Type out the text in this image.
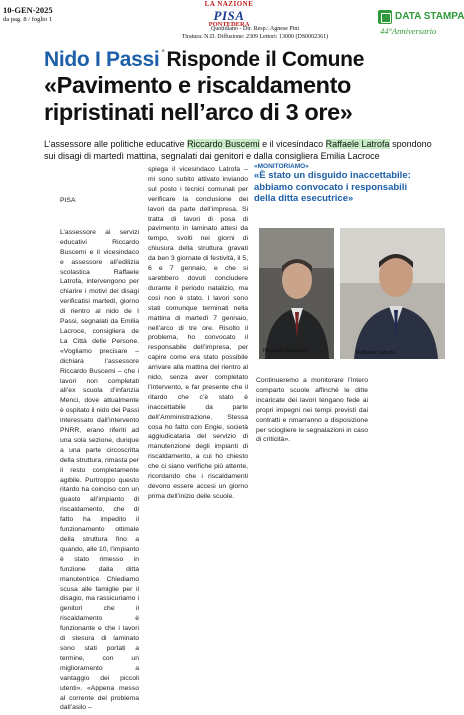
10-GEN-2025
da pag. 8 / foglio 1
LA NAZIONE
PISA
PONTEDERA
Quotidiano - Dir. Resp.: Agnese Pini
Tiratura: N.D. Diffusione: 2309 Lettori: 13000 (DS0002361)
DATA STAMPA
44°Anniversario
Nido I Passi ■Risponde il Comune
«Pavimento e riscaldamento ripristinati nell’arco di 3 ore»
L’assessore alle politiche educative Riccardo Buscemi e il vicesindaco Raffaele Latrofa spondono sui disagi di martedì mattina, segnalati dai genitori e dalla consigliera Emilia Lacroce
PISA
L’assessore ai servizi educativi Riccardo Buscemi e il vicesindaco e assessore all’edilizia scolastica Raffaele Latrofa, intervengono per chiarire i motivi dei disagi verificatisi martedì, giorno di rientro al nido de I Passi, segnalati da Emilia Lacroce, consigliera de La Città delle Persone. «Vogliamo precisare – dichiara l’assessore Riccardo Buscemi – che i lavori non completati all’ex scuola d’infanzia Menci, dove attualmente è ospitato il nido dei Passi interessato dall’intervento PNRR, erano riferiti ad una sola sezione, dunque a una parte circoscritta della struttura, rimasta per il resto completamente agibile. Purtroppo questo ritardo ha coinciso con un guasto all’impianto di riscaldamento, che di fatto ha impedito il funzionamento ottimale della struttura fino a quando, alle 10, l’impianto è stato rimesso in funzione dalla ditta manutentrice. Chiediamo scusa alle famiglie per il disagio, ma rassicuriamo i genitori che il riscaldamento è funzionante e che i lavori di stesura di laminato sono stati portati a termine, con un miglioramento a vantaggio dei piccoli utenti». «Appena messo al corrente del problema dall’asilo –
spiega il vicesindaco Latrofa – mi sono subito attivato inviando sul posto i tecnici comunali per verificare la conclusione dei lavori da parte dell’impresa. Si tratta di lavori di posa di pavimento in laminato attesi da tempo, svolti nei giorni di chiusura della struttura gravati da ben 3 giornate di festività, il 5, 6 e 7 gennaio, e che si sarebbero dovuti concludere durante il periodo natalizio, ma così non è stato. I lavori sono stati comunque terminati nella mattina di martedì 7 gennaio, nell’arco di tre ore. Risolto il problema, ho convocato il responsabile dell’impresa, per capire come era stato possibile arrivare alla mattina del rientro al nido, senza aver completato l’intervento, e far presente che il ritardo che c’è stato è inaccettabile da parte dell’Amministrazione. Stessa cosa ho fatto con Engie, società aggiudicataria del servizio di manutenzione degli impianti di riscaldamento, a cui ho chiesto che ci siano verifiche più attente, ricordando che i riscaldamenti devono essere accesi un giorno prima dell’inizio delle scuole.
«MONITORIAMO»
«È stato un disguido inaccettabile: abbiamo convocato i responsabili della ditta esecutrice»
Riccardo Buscemi	Raffaele Latrofa
Continueremo a monitorare l’intero comparto scuole affinché le ditte incaricate dei lavori tengano fede ai propri impegni nei tempi previsti dai contratti e rimarranno a disposizione per sciogliere le segnalazioni in caso di criticità».
